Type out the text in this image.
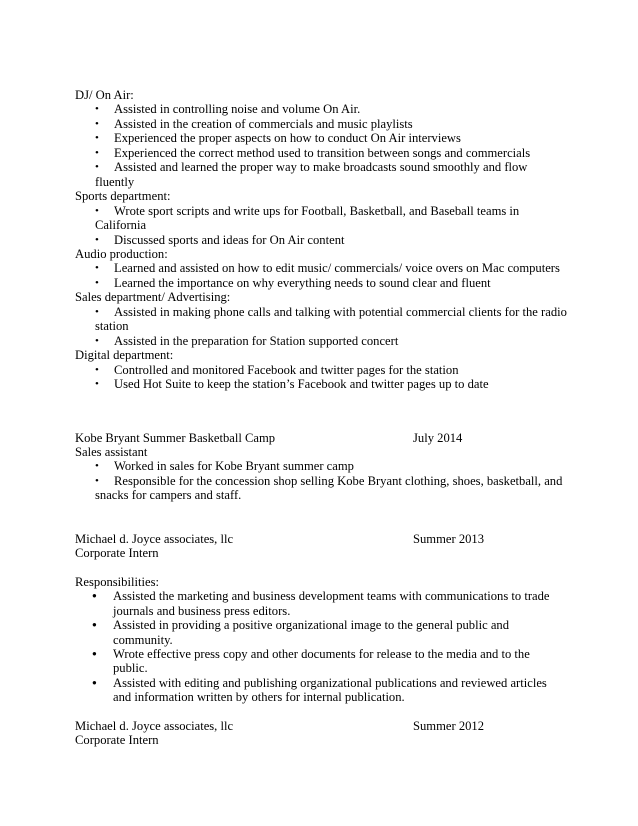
DJ/ On Air:

• Assisted in controlling noise and volume On Air.
• Assisted in the creation of commercials and music playlists
• Experienced the proper aspects on how to conduct On Air interviews
• Experienced the correct method used to transition between songs and commercials
• Assisted and learned the proper way to make broadcasts sound smoothly and flow

fluently

Sports department:

• Wrote sport scripts and write ups for Football, Basketball, and Baseball teams in

California

• Discussed sports and ideas for On Air content

Audio production:

• Learned and assisted on how to edit music/ commercials/ voice overs on Mac computers
• Learned the importance on why everything needs to sound clear and fluent

Sales department/ Advertising:

• Assisted in making phone calls and talking with potential commercial clients for the radio

station

• Assisted in the preparation for Station supported concert

Digital department:

• Controlled and monitored Facebook and twitter pages for the station
• Used Hot Suite to keep the station’s Facebook and twitter pages up to date
Kobe Bryant Summer Basketball Camp	July 2014

Sales assistant

• Worked in sales for Kobe Bryant summer camp
• Responsible for the concession shop selling Kobe Bryant clothing, shoes, basketball, and

snacks for campers and staff.

Michael d. Joyce associates, llc	Summer 2013

Corporate Intern

Responsibilities:

● Assisted the marketing and business development teams with communications to trade
journals and business press editors.
● Assisted in providing a positive organizational image to the general public and
community.
● Wrote effective press copy and other documents for release to the media and to the
public.
● Assisted with editing and publishing organizational publications and reviewed articles
and information written by others for internal publication.
Michael d. Joyce associates, llc	Summer 2012

Corporate Intern
